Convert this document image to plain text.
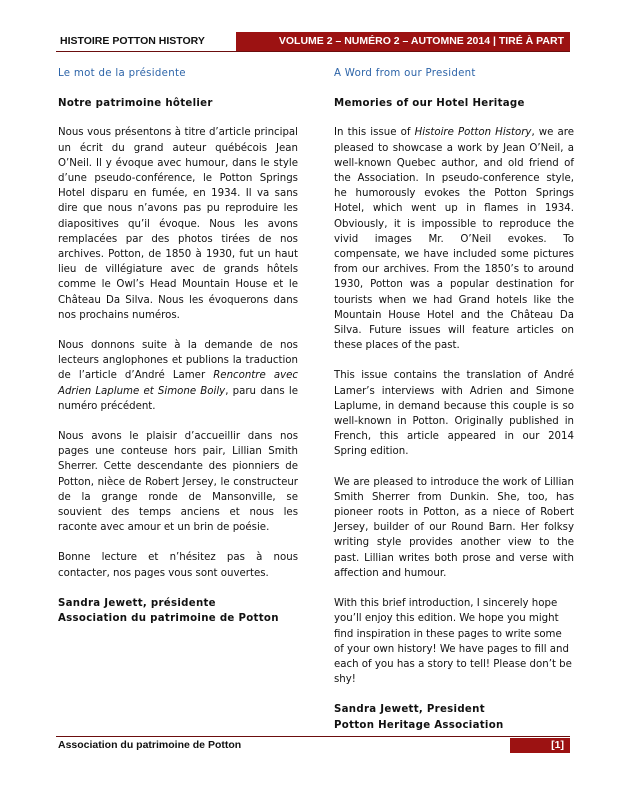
HISTOIRE POTTON HISTORY	VOLUME 2 – NUMÉRO 2 – AUTOMNE 2014 | TIRÉ À PART

Le mot de la présidente

Notre patrimoine hôtelier

Nous vous présentons à titre d’article principal un écrit du grand auteur québécois Jean O’Neil. Il y évoque avec humour, dans le style d’une pseudo-conférence, le Potton Springs Hotel disparu en fumée, en 1934. Il va sans dire que nous n’avons pas pu reproduire les diapositives qu’il évoque. Nous les avons remplacées par des photos tirées de nos archives. Potton, de 1850 à 1930, fut un haut lieu de villégiature avec de grands hôtels comme le Owl’s Head Mountain House et le Château Da Silva. Nous les évoquerons dans nos prochains numéros.

Nous donnons suite à la demande de nos lecteurs anglophones et publions la traduction de l’article d’André Lamer Rencontre avec Adrien Laplume et Simone Boily, paru dans le numéro précédent.

Nous avons le plaisir d’accueillir dans nos pages une conteuse hors pair, Lillian Smith Sherrer. Cette descendante des pionniers de Potton, nièce de Robert Jersey, le constructeur de la grange ronde de Mansonville, se souvient des temps anciens et nous les raconte avec amour et un brin de poésie.

Bonne lecture et n’hésitez pas à nous contacter, nos pages vous sont ouvertes.

Sandra Jewett, présidente

Association du patrimoine de Potton

A Word from our President

Memories of our Hotel Heritage

In this issue of Histoire Potton History, we are pleased to showcase a work by Jean O’Neil, a well-known Quebec author, and old friend of the Association. In pseudo-conference style, he humorously evokes the Potton Springs Hotel, which went up in flames in 1934. Obviously, it is impossible to reproduce the vivid images Mr. O’Neil evokes. To compensate, we have included some pictures from our archives. From the 1850’s to around 1930, Potton was a popular destination for tourists when we had Grand hotels like the Mountain House Hotel and the Château Da Silva. Future issues will feature articles on these places of the past.

This issue contains the translation of André Lamer’s interviews with Adrien and Simone Laplume, in demand because this couple is so well-known in Potton. Originally published in French, this article appeared in our 2014 Spring edition.

We are pleased to introduce the work of Lillian Smith Sherrer from Dunkin. She, too, has pioneer roots in Potton, as a niece of Robert Jersey, builder of our Round Barn. Her folksy writing style provides another view to the past. Lillian writes both prose and verse with affection and humour.

With this brief introduction, I sincerely hope you’ll enjoy this edition. We hope you might find inspiration in these pages to write some of your own history! We have pages to fill and each of you has a story to tell! Please don’t be shy!

Sandra Jewett, President

Potton Heritage Association

Association du patrimoine de Potton	[1]
